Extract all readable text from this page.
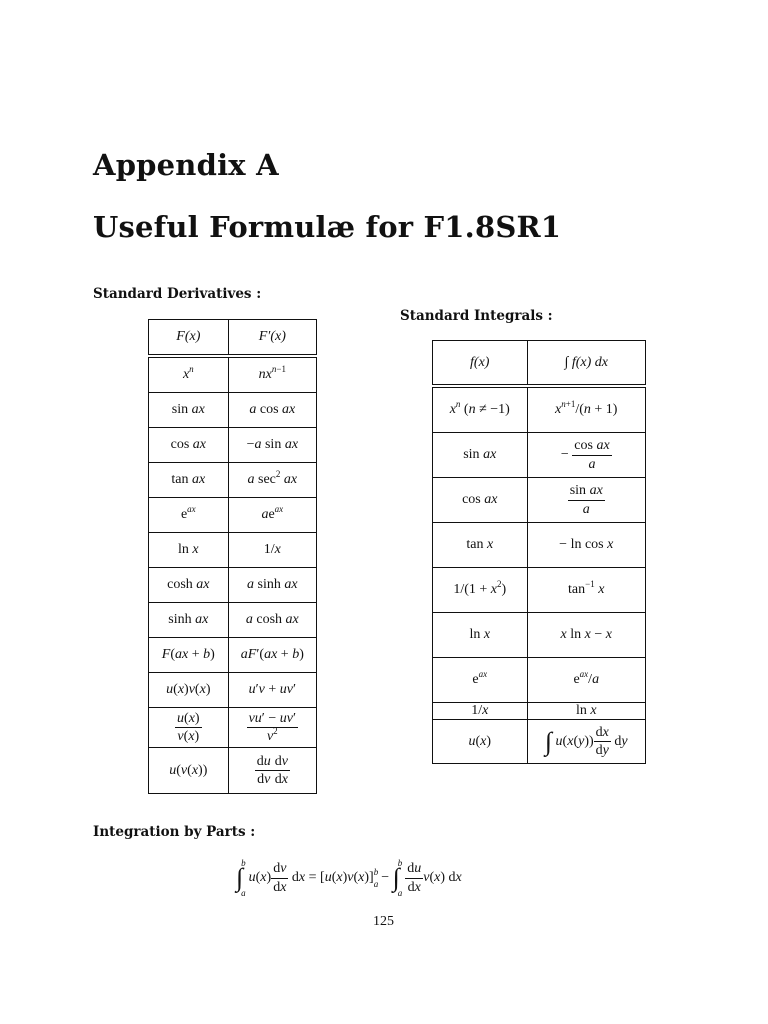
Appendix A
Useful Formulæ for F1.8SR1
Standard Derivatives :
Standard Integrals :
F(x)	F′(x)

$x^n$	$nx^{n-1}$
sin ax	a cos ax
cos ax	−a sin ax
tan ax	a $\sec^2$ ax
$e^{ax}$	$ae^{ax}$
ln x	1/x
cosh ax	a sinh ax
sinh ax	a cosh ax
F(ax + b)	aF′(ax + b)
u(x)v(x)	u′v + uv′

$\frac{u(x)}{v(x)}$	$\frac{vu' - uv'}{v^2}$

u(v(x))	$\frac{du}{dv} \frac{dv}{dx}$
f(x)	∫ f(x) dx

$x^n$ (n ≠ −1)	$x^{n+1}/(n + 1)$
sin ax	− $\frac{\text{cos ax}}{a}$

cos ax	$\frac{\text{sin ax}}{a}$

tan x	− ln cos x
$1/(1 + x^2)$	$\tan^{-1} x$
ln x	x ln x − x
$e^{ax}$	$e^{ax}/a$
1/x	ln x
u(x)	∫ $u(x(y)) \frac{dx}{dy}$ dy
Integration by Parts :
∫
b
a
$u(x) \frac{dv}{dx}$ dx = [u(x)v(x)] b
a − ∫
b
a $\frac{du}{dx} v(x)$ dx
125
